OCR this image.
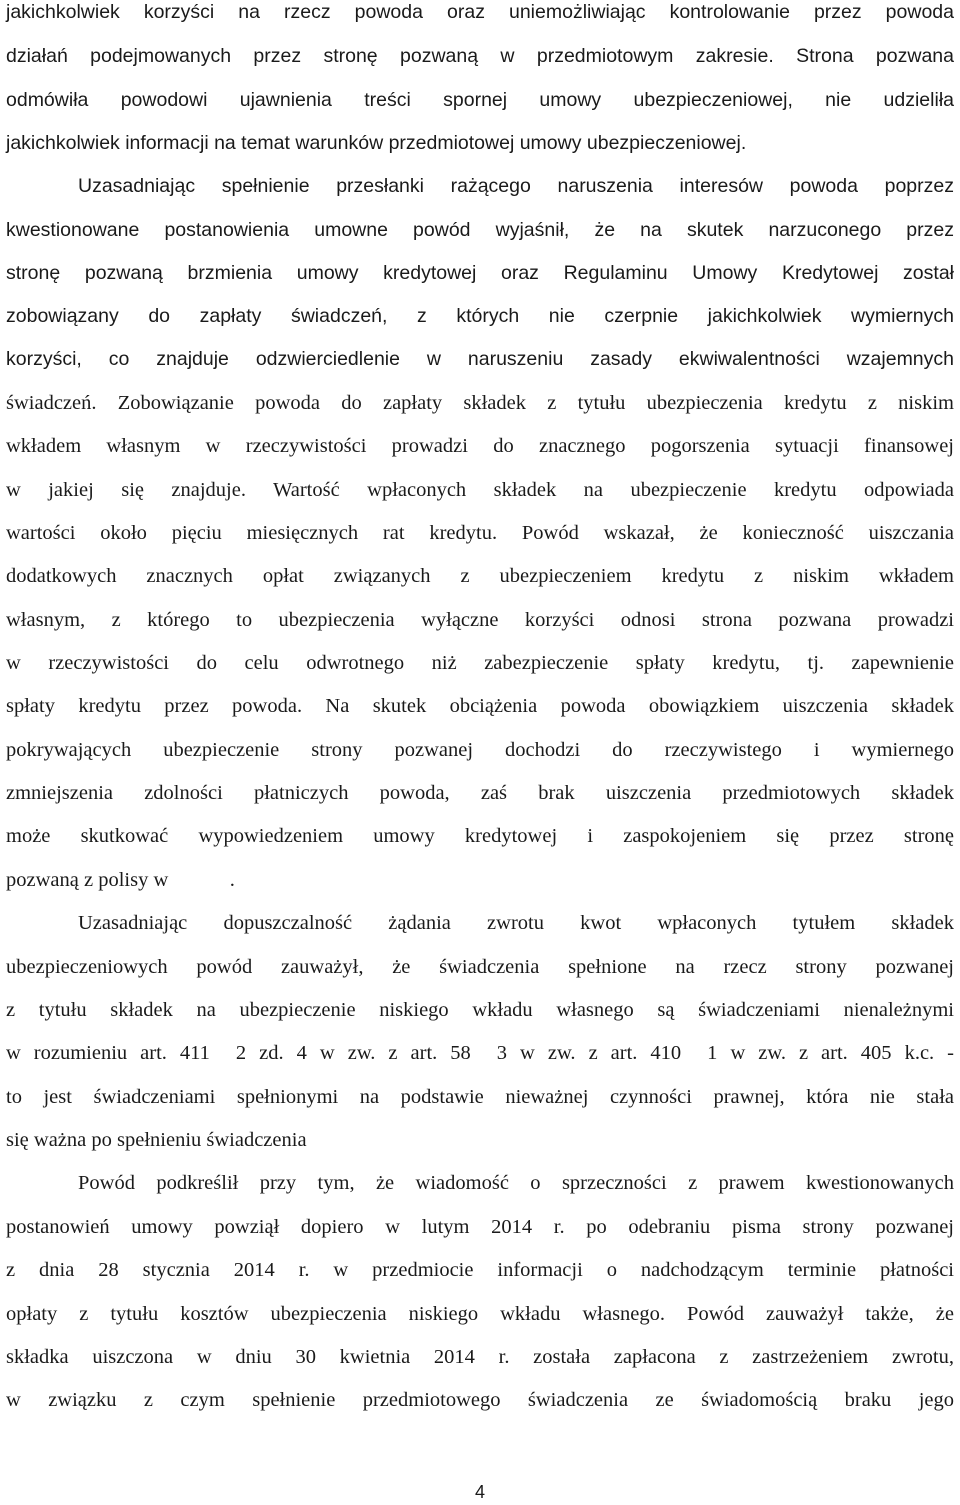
jakichkolwiek korzyści na rzecz powoda oraz uniemożliwiając kontrolowanie przez powoda

działań podejmowanych przez stronę pozwaną w przedmiotowym zakresie. Strona pozwana

odmówiła powodowi ujawnienia treści spornej umowy ubezpieczeniowej, nie udzieliła

jakichkolwiek informacji na temat warunków przedmiotowej umowy ubezpieczeniowej.

Uzasadniając spełnienie przesłanki rażącego naruszenia interesów powoda poprzez

kwestionowane postanowienia umowne powód wyjaśnił, że na skutek narzuconego przez

stronę pozwaną brzmienia umowy kredytowej oraz Regulaminu Umowy Kredytowej został

zobowiązany do zapłaty świadczeń, z których nie czerpnie jakichkolwiek wymiernych

korzyści, co znajduje odzwierciedlenie w naruszeniu zasady ekwiwalentności wzajemnych

świadczeń. Zobowiązanie powoda do zapłaty składek z tytułu ubezpieczenia kredytu z niskim

wkładem własnym w rzeczywistości prowadzi do znacznego pogorszenia sytuacji finansowej

w jakiej się znajduje. Wartość wpłaconych składek na ubezpieczenie kredytu odpowiada

wartości około pięciu miesięcznych rat kredytu. Powód wskazał, że konieczność uiszczania

dodatkowych znacznych opłat związanych z ubezpieczeniem kredytu z niskim wkładem

własnym, z którego to ubezpieczenia wyłączne korzyści odnosi strona pozwana prowadzi

w rzeczywistości do celu odwrotnego niż zabezpieczenie spłaty kredytu, tj. zapewnienie

spłaty kredytu przez powoda. Na skutek obciążenia powoda obowiązkiem uiszczenia składek

pokrywających ubezpieczenie strony pozwanej dochodzi do rzeczywistego i wymiernego

zmniejszenia zdolności płatniczych powoda, zaś brak uiszczenia przedmiotowych składek

może skutkować wypowiedzeniem umowy kredytowej i zaspokojeniem się przez stronę

pozwaną z polisy w            .

Uzasadniając dopuszczalność żądania zwrotu kwot wpłaconych tytułem składek

ubezpieczeniowych powód zauważył, że świadczenia spełnione na rzecz strony pozwanej

z tytułu składek na ubezpieczenie niskiego wkładu własnego są świadczeniami nienależnymi

w rozumieniu art. 411  2 zd. 4 w zw. z art. 58  3 w zw. z art. 410  1 w zw. z art. 405 k.c. -

to jest świadczeniami spełnionymi na podstawie nieważnej czynności prawnej, która nie stała

się ważna po spełnieniu świadczenia

Powód podkreślił przy tym, że wiadomość o sprzeczności z prawem kwestionowanych

postanowień umowy powziął dopiero w lutym 2014 r. po odebraniu pisma strony pozwanej

z dnia 28 stycznia 2014 r. w przedmiocie informacji o nadchodzącym terminie płatności

opłaty z tytułu kosztów ubezpieczenia niskiego wkładu własnego. Powód zauważył także, że

składka uiszczona w dniu 30 kwietnia 2014 r. została zapłacona z zastrzeżeniem zwrotu,

w związku z czym spełnienie przedmiotowego świadczenia ze świadomością braku jego

4
